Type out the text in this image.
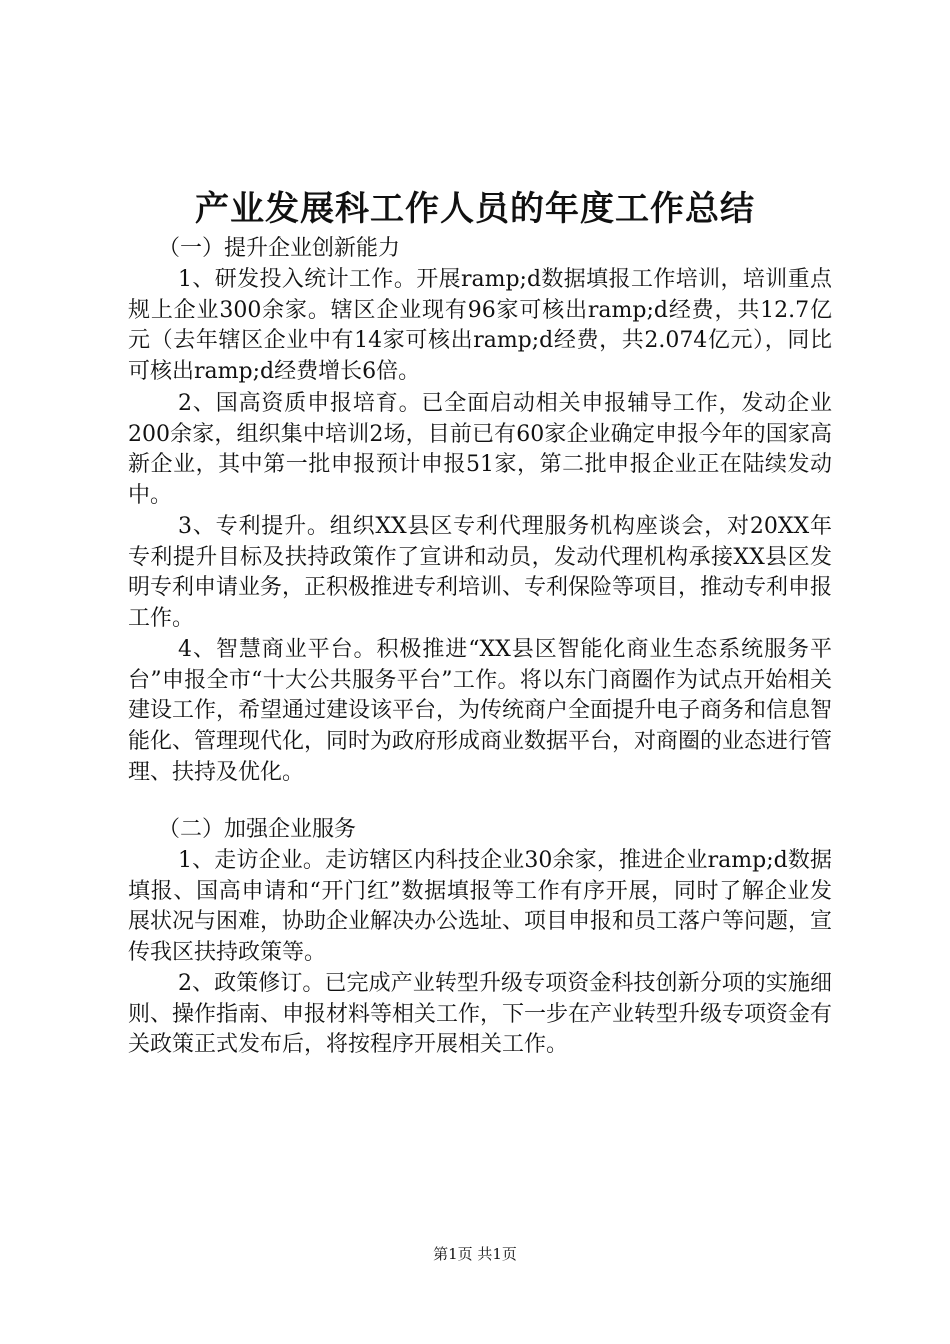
产业发展科工作人员的年度工作总结

（一）提升企业创新能力

1、研发投入统计工作。开展ramp;d数据填报工作培训，培训重点规上企业300余家。辖区企业现有96家可核出ramp;d经费，共12.7亿元（去年辖区企业中有14家可核出ramp;d经费，共2.074亿元），同比可核出ramp;d经费增长6倍。

2、国高资质申报培育。已全面启动相关申报辅导工作，发动企业200余家，组织集中培训2场，目前已有60家企业确定申报今年的国家高新企业，其中第一批申报预计申报51家，第二批申报企业正在陆续发动中。

3、专利提升。组织XX县区专利代理服务机构座谈会，对20XX年专利提升目标及扶持政策作了宣讲和动员，发动代理机构承接XX县区发明专利申请业务，正积极推进专利培训、专利保险等项目，推动专利申报工作。

4、智慧商业平台。积极推进“XX县区智能化商业生态系统服务平台”申报全市“十大公共服务平台”工作。将以东门商圈作为试点开始相关建设工作，希望通过建设该平台，为传统商户全面提升电子商务和信息智能化、管理现代化，同时为政府形成商业数据平台，对商圈的业态进行管理、扶持及优化。

（二）加强企业服务

1、走访企业。走访辖区内科技企业30余家，推进企业ramp;d数据填报、国高申请和“开门红”数据填报等工作有序开展，同时了解企业发展状况与困难，协助企业解决办公选址、项目申报和员工落户等问题，宣传我区扶持政策等。

2、政策修订。已完成产业转型升级专项资金科技创新分项的实施细则、操作指南、申报材料等相关工作，下一步在产业转型升级专项资金有关政策正式发布后，将按程序开展相关工作。

第1页 共1页
